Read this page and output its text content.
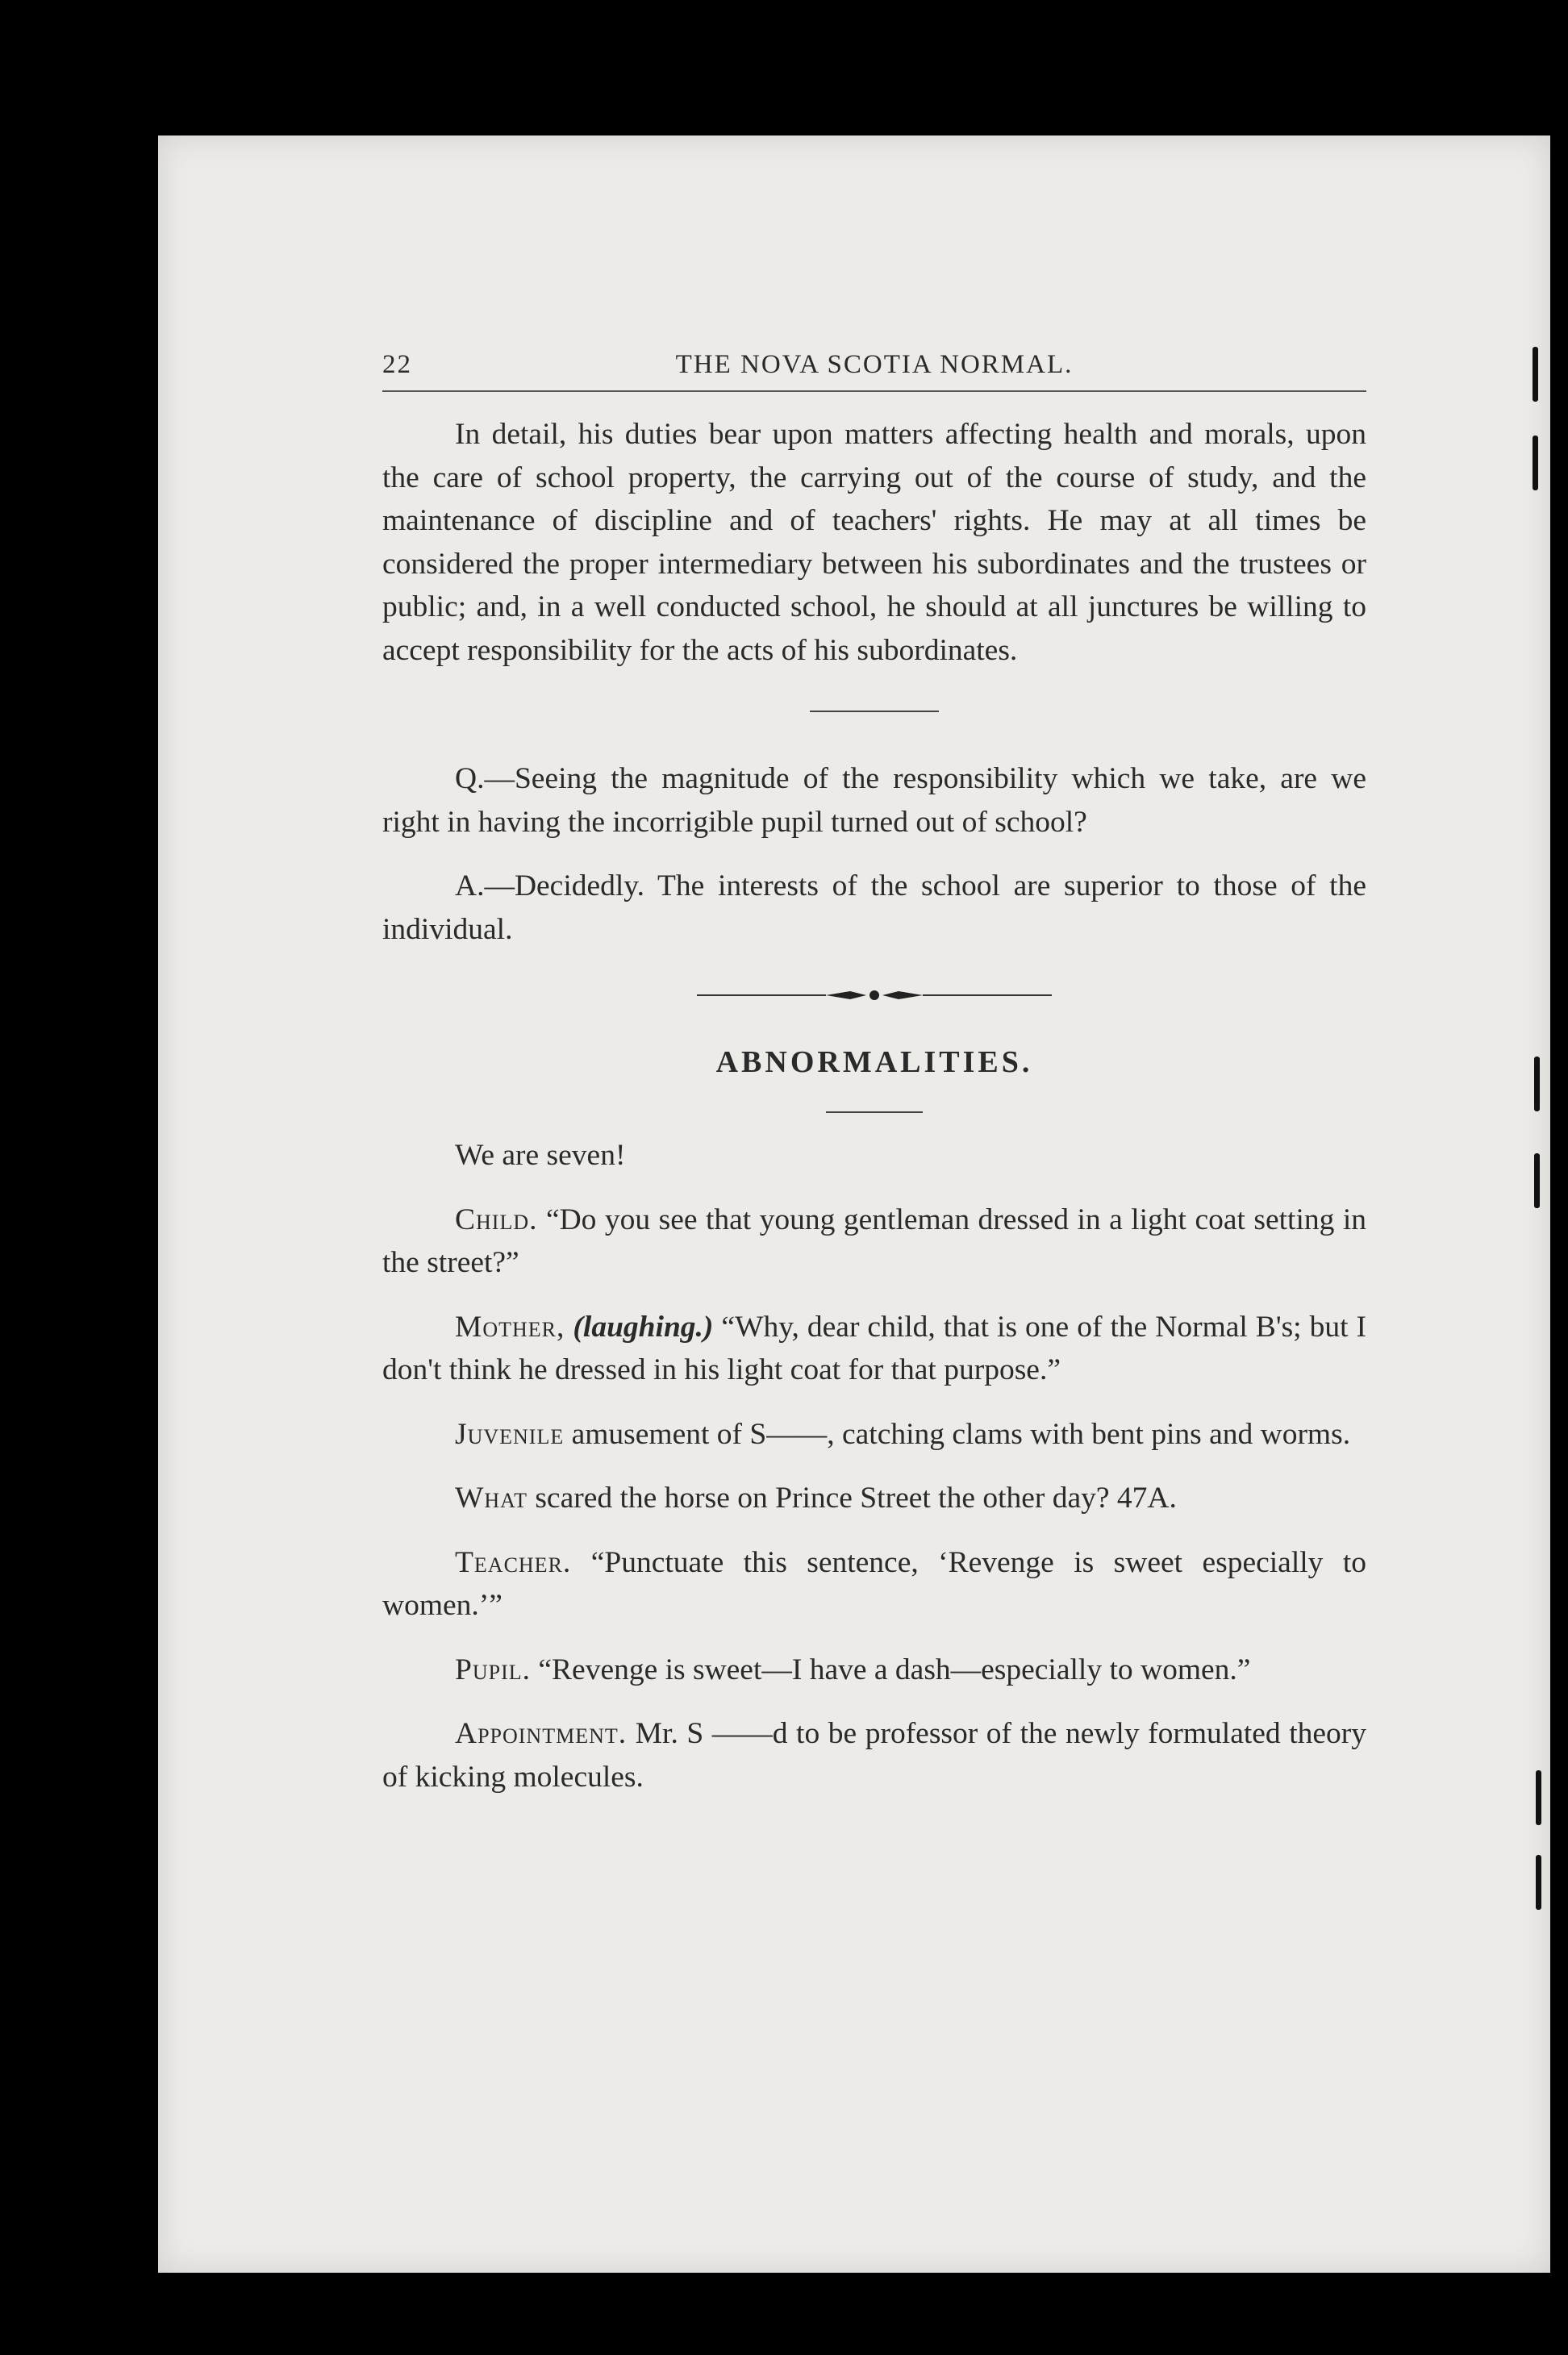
22	THE NOVA SCOTIA NORMAL.

In detail, his duties bear upon matters affecting health and morals, upon the care of school property, the carrying out of the course of study, and the maintenance of discipline and of teachers' rights. He may at all times be considered the proper intermediary between his subordinates and the trustees or public; and, in a well conducted school, he should at all junctures be willing to accept responsibility for the acts of his subordinates.

Q.—Seeing the magnitude of the responsibility which we take, are we right in having the incorrigible pupil turned out of school?

A.—Decidedly. The interests of the school are superior to those of the individual.

ABNORMALITIES.

We are seven!

Child. “Do you see that young gentleman dressed in a light coat setting in the street?”

Mother, (laughing.) “Why, dear child, that is one of the Normal B's; but I don't think he dressed in his light coat for that purpose.”

Juvenile amusement of S——, catching clams with bent pins and worms.

What scared the horse on Prince Street the other day? 47A.

Teacher. “Punctuate this sentence, ‘Revenge is sweet especially to women.’”

Pupil. “Revenge is sweet—I have a dash—especially to women.”

Appointment. Mr. S ——d to be professor of the newly formulated theory of kicking molecules.
